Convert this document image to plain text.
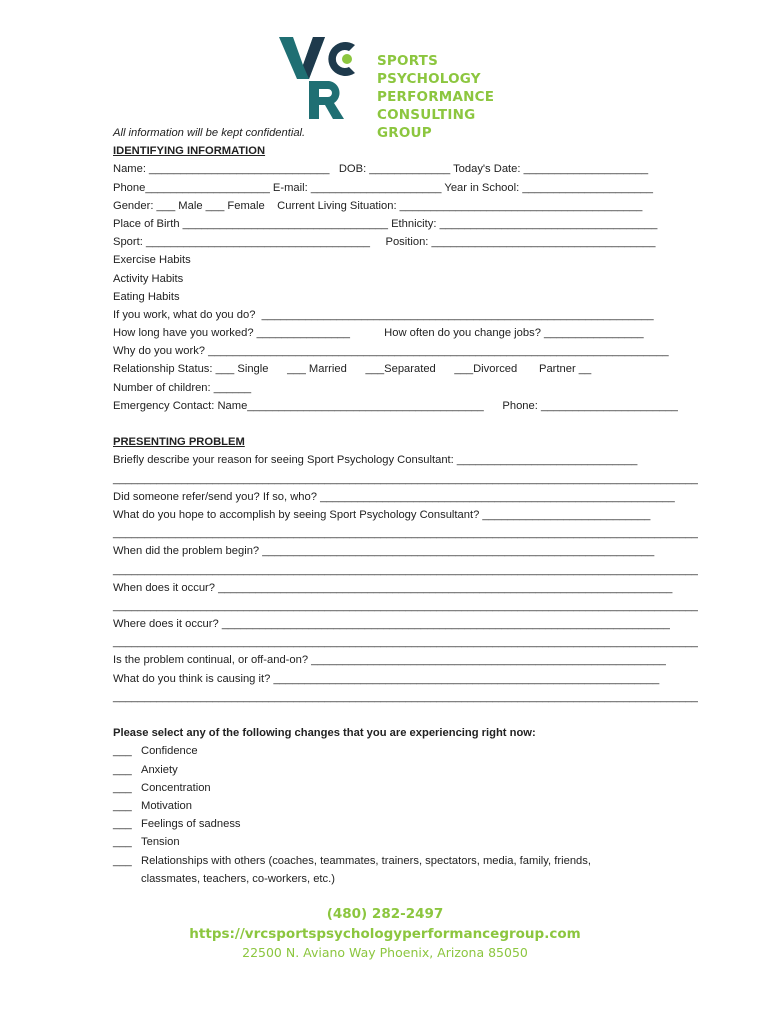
SPORTS PSYCHOLOGY
PERFORMANCE
CONSULTING GROUP
All information will be kept confidential.
IDENTIFYING INFORMATION
Name: _____________________________   DOB: _____________ Today's Date: ____________________
Phone____________________ E-mail: _____________________ Year in School: _____________________
Gender: ___ Male ___ Female    Current Living Situation: _______________________________________
Place of Birth _________________________________ Ethnicity: ___________________________________
Sport: ____________________________________     Position: ____________________________________
Exercise Habits
Activity Habits
Eating Habits
If you work, what do you do?  _______________________________________________________________
How long have you worked? _______________           How often do you change jobs? ________________
Why do you work? __________________________________________________________________________
Relationship Status: ___ Single      ___ Married      ___Separated      ___Divorced       Partner __
Number of children: ______
Emergency Contact: Name______________________________________      Phone: ______________________
PRESENTING PROBLEM
Briefly describe your reason for seeing Sport Psychology Consultant: _____________________________
______________________________________________________________________________________________
Did someone refer/send you? If so, who? _________________________________________________________
What do you hope to accomplish by seeing Sport Psychology Consultant? ___________________________
______________________________________________________________________________________________
When did the problem begin? _______________________________________________________________
______________________________________________________________________________________________
When does it occur? _________________________________________________________________________
______________________________________________________________________________________________
Where does it occur? ________________________________________________________________________
______________________________________________________________________________________________
Is the problem continual, or off-and-on? _________________________________________________________
What do you think is causing it? ______________________________________________________________
______________________________________________________________________________________________
Please select any of the following changes that you are experiencing right now:
___ Confidence
___ Anxiety
___ Concentration
___ Motivation
___ Feelings of sadness
___ Tension
___ Relationships with others (coaches, teammates, trainers, spectators, media, family, friends,
classmates, teachers, co-workers, etc.)
(480) 282-2497
https://vrcsportspsychologyperformancegroup.com
22500 N. Aviano Way Phoenix, Arizona 85050
